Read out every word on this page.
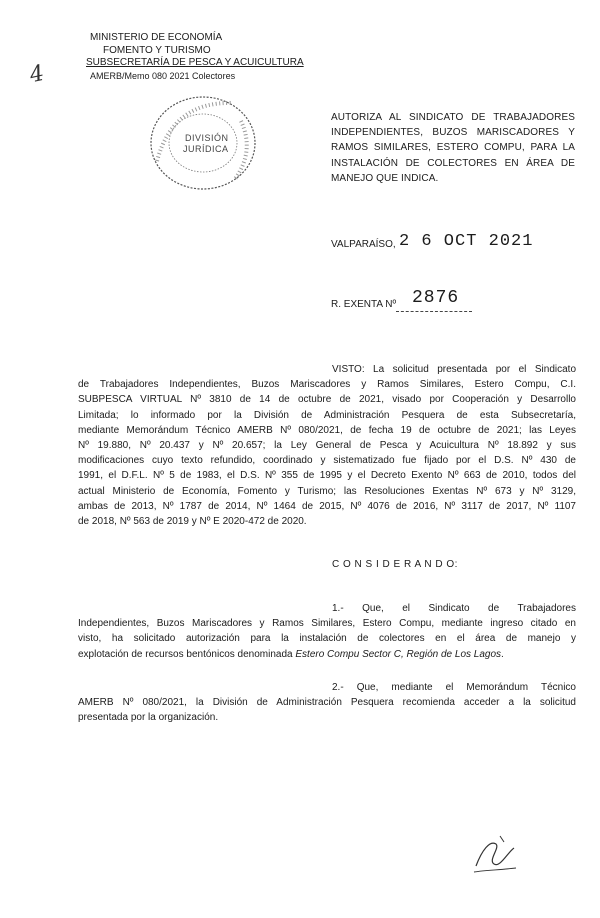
MINISTERIO DE ECONOMÍA
FOMENTO Y TURISMO
SUBSECRETARÍA DE PESCA Y ACUICULTURA
AMERB/Memo 080 2021 Colectores
4
DIVISIÓN
JURÍDICA
AUTORIZA AL SINDICATO DE TRABAJADORES
INDEPENDIENTES, BUZOS MARISCADORES Y
RAMOS SIMILARES, ESTERO COMPU, PARA LA
INSTALACIÓN DE COLECTORES EN ÁREA DE
MANEJO QUE INDICA.
VALPARAÍSO, 2 6 OCT 2021
R. EXENTA Nº 2876
VISTO: La solicitud presentada por el Sindicato
de Trabajadores Independientes, Buzos Mariscadores y Ramos Similares, Estero Compu, C.I.
SUBPESCA VIRTUAL Nº 3810 de 14 de octubre de 2021, visado por Cooperación y Desarrollo
Limitada; lo informado por la División de Administración Pesquera de esta Subsecretaría,
mediante Memorándum Técnico AMERB Nº 080/2021, de fecha 19 de octubre de 2021; las Leyes
Nº 19.880, Nº 20.437 y Nº 20.657; la Ley General de Pesca y Acuicultura Nº 18.892 y sus
modificaciones cuyo texto refundido, coordinado y sistematizado fue fijado por el D.S. Nº 430 de
1991, el D.F.L. Nº 5 de 1983, el D.S. Nº 355 de 1995 y el Decreto Exento Nº 663 de 2010, todos del
actual Ministerio de Economía, Fomento y Turismo; las Resoluciones Exentas Nº 673 y Nº 3129,
ambas de 2013, Nº 1787 de 2014, Nº 1464 de 2015, Nº 4076 de 2016, Nº 3117 de 2017, Nº 1107
de 2018, Nº 563 de 2019 y Nº E 2020-472 de 2020.
C O N S I D E R A N D O:
1.- Que, el Sindicato de Trabajadores
Independientes, Buzos Mariscadores y Ramos Similares, Estero Compu, mediante ingreso citado en
visto, ha solicitado autorización para la instalación de colectores en el área de manejo y
explotación de recursos bentónicos denominada Estero Compu Sector C, Región de Los Lagos.
2.- Que, mediante el Memorándum Técnico
AMERB Nº 080/2021, la División de Administración Pesquera recomienda acceder a la solicitud
presentada por la organización.
